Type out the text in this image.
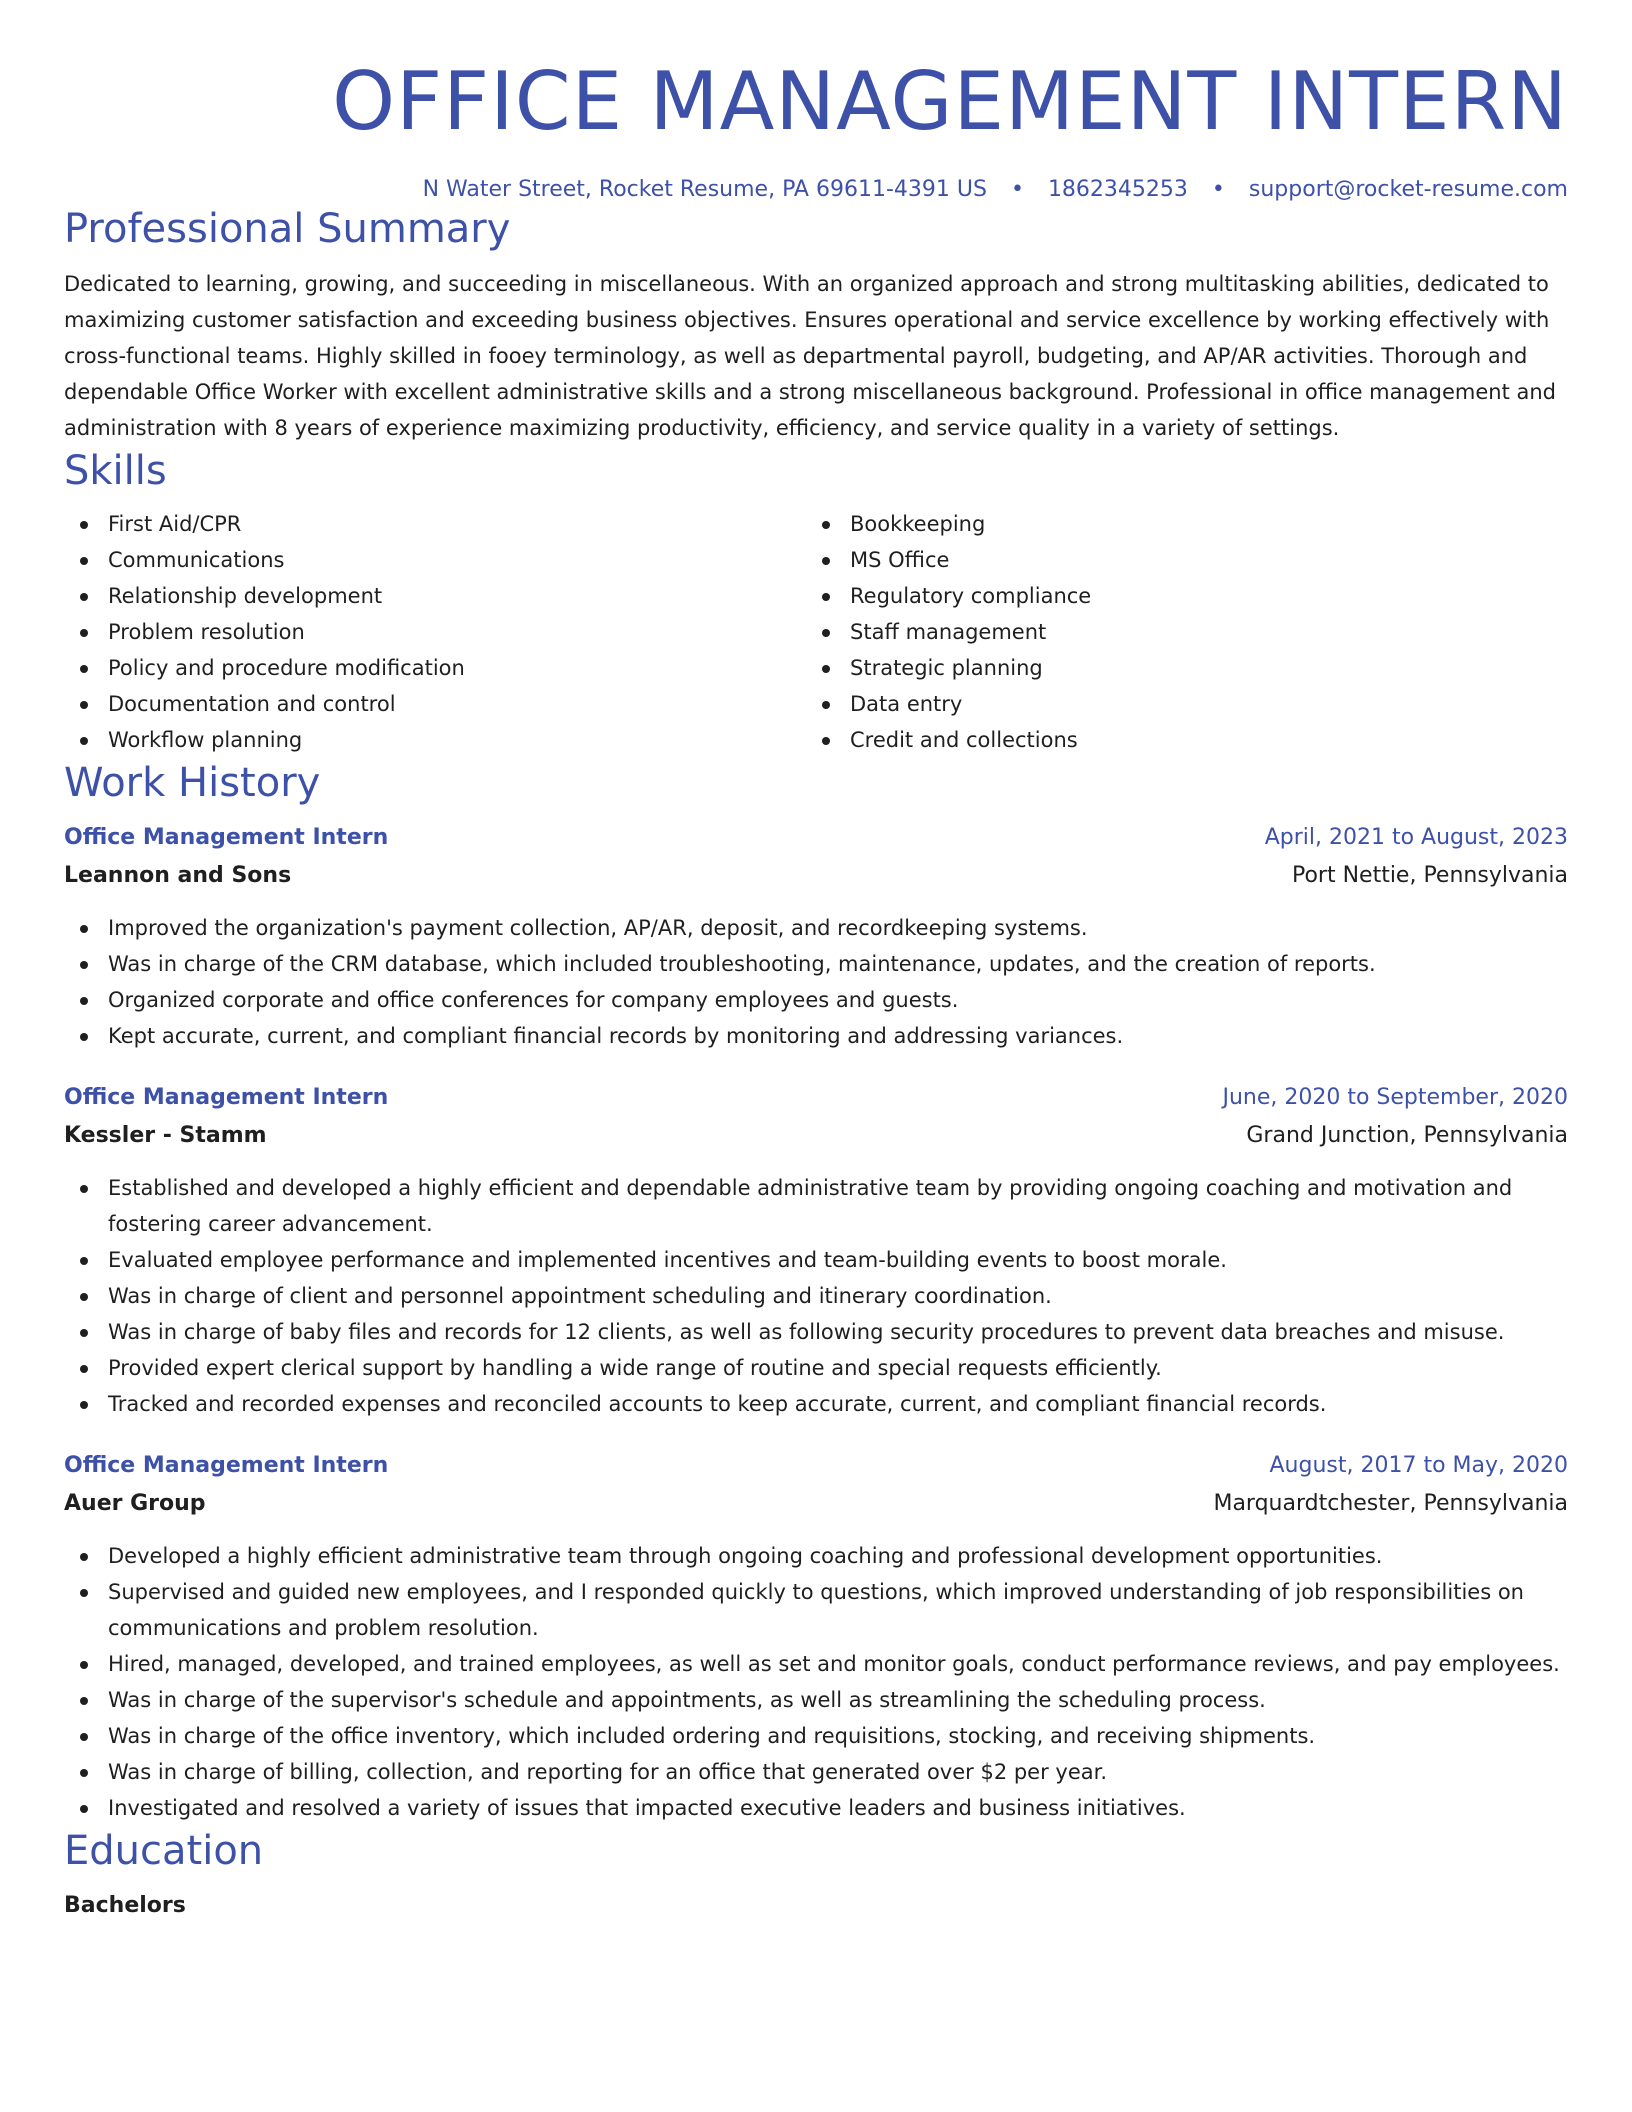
OFFICE MANAGEMENT INTERN
N Water Street, Rocket Resume, PA 69611-4391 US • 1862345253 • support@rocket-resume.com
Professional Summary

Dedicated to learning, growing, and succeeding in miscellaneous. With an organized approach and strong multitasking abilities, dedicated to maximizing customer satisfaction and exceeding business objectives. Ensures operational and service excellence by working effectively with cross-functional teams. Highly skilled in fooey terminology, as well as departmental payroll, budgeting, and AP/AR activities. Thorough and dependable Office Worker with excellent administrative skills and a strong miscellaneous background. Professional in office management and administration with 8 years of experience maximizing productivity, efficiency, and service quality in a variety of settings.

Skills
First Aid/CPR
Communications
Relationship development
Problem resolution
Policy and procedure modification
Documentation and control
Workflow planning
Bookkeeping
MS Office
Regulatory compliance
Staff management
Strategic planning
Data entry
Credit and collections
Work History
Office Management Intern	April, 2021 to August, 2023
Leannon and Sons	Port Nettie, Pennsylvania
Improved the organization's payment collection, AP/AR, deposit, and recordkeeping systems.
Was in charge of the CRM database, which included troubleshooting, maintenance, updates, and the creation of reports.
Organized corporate and office conferences for company employees and guests.
Kept accurate, current, and compliant financial records by monitoring and addressing variances.
Office Management Intern	June, 2020 to September, 2020
Kessler - Stamm	Grand Junction, Pennsylvania
Established and developed a highly efficient and dependable administrative team by providing ongoing coaching and motivation and fostering career advancement.
Evaluated employee performance and implemented incentives and team-building events to boost morale.
Was in charge of client and personnel appointment scheduling and itinerary coordination.
Was in charge of baby files and records for 12 clients, as well as following security procedures to prevent data breaches and misuse.
Provided expert clerical support by handling a wide range of routine and special requests efficiently.
Tracked and recorded expenses and reconciled accounts to keep accurate, current, and compliant financial records.
Office Management Intern	August, 2017 to May, 2020
Auer Group	Marquardtchester, Pennsylvania
Developed a highly efficient administrative team through ongoing coaching and professional development opportunities.
Supervised and guided new employees, and I responded quickly to questions, which improved understanding of job responsibilities on communications and problem resolution.
Hired, managed, developed, and trained employees, as well as set and monitor goals, conduct performance reviews, and pay employees.
Was in charge of the supervisor's schedule and appointments, as well as streamlining the scheduling process.
Was in charge of the office inventory, which included ordering and requisitions, stocking, and receiving shipments.
Was in charge of billing, collection, and reporting for an office that generated over $2 per year.
Investigated and resolved a variety of issues that impacted executive leaders and business initiatives.
Education
Bachelors
